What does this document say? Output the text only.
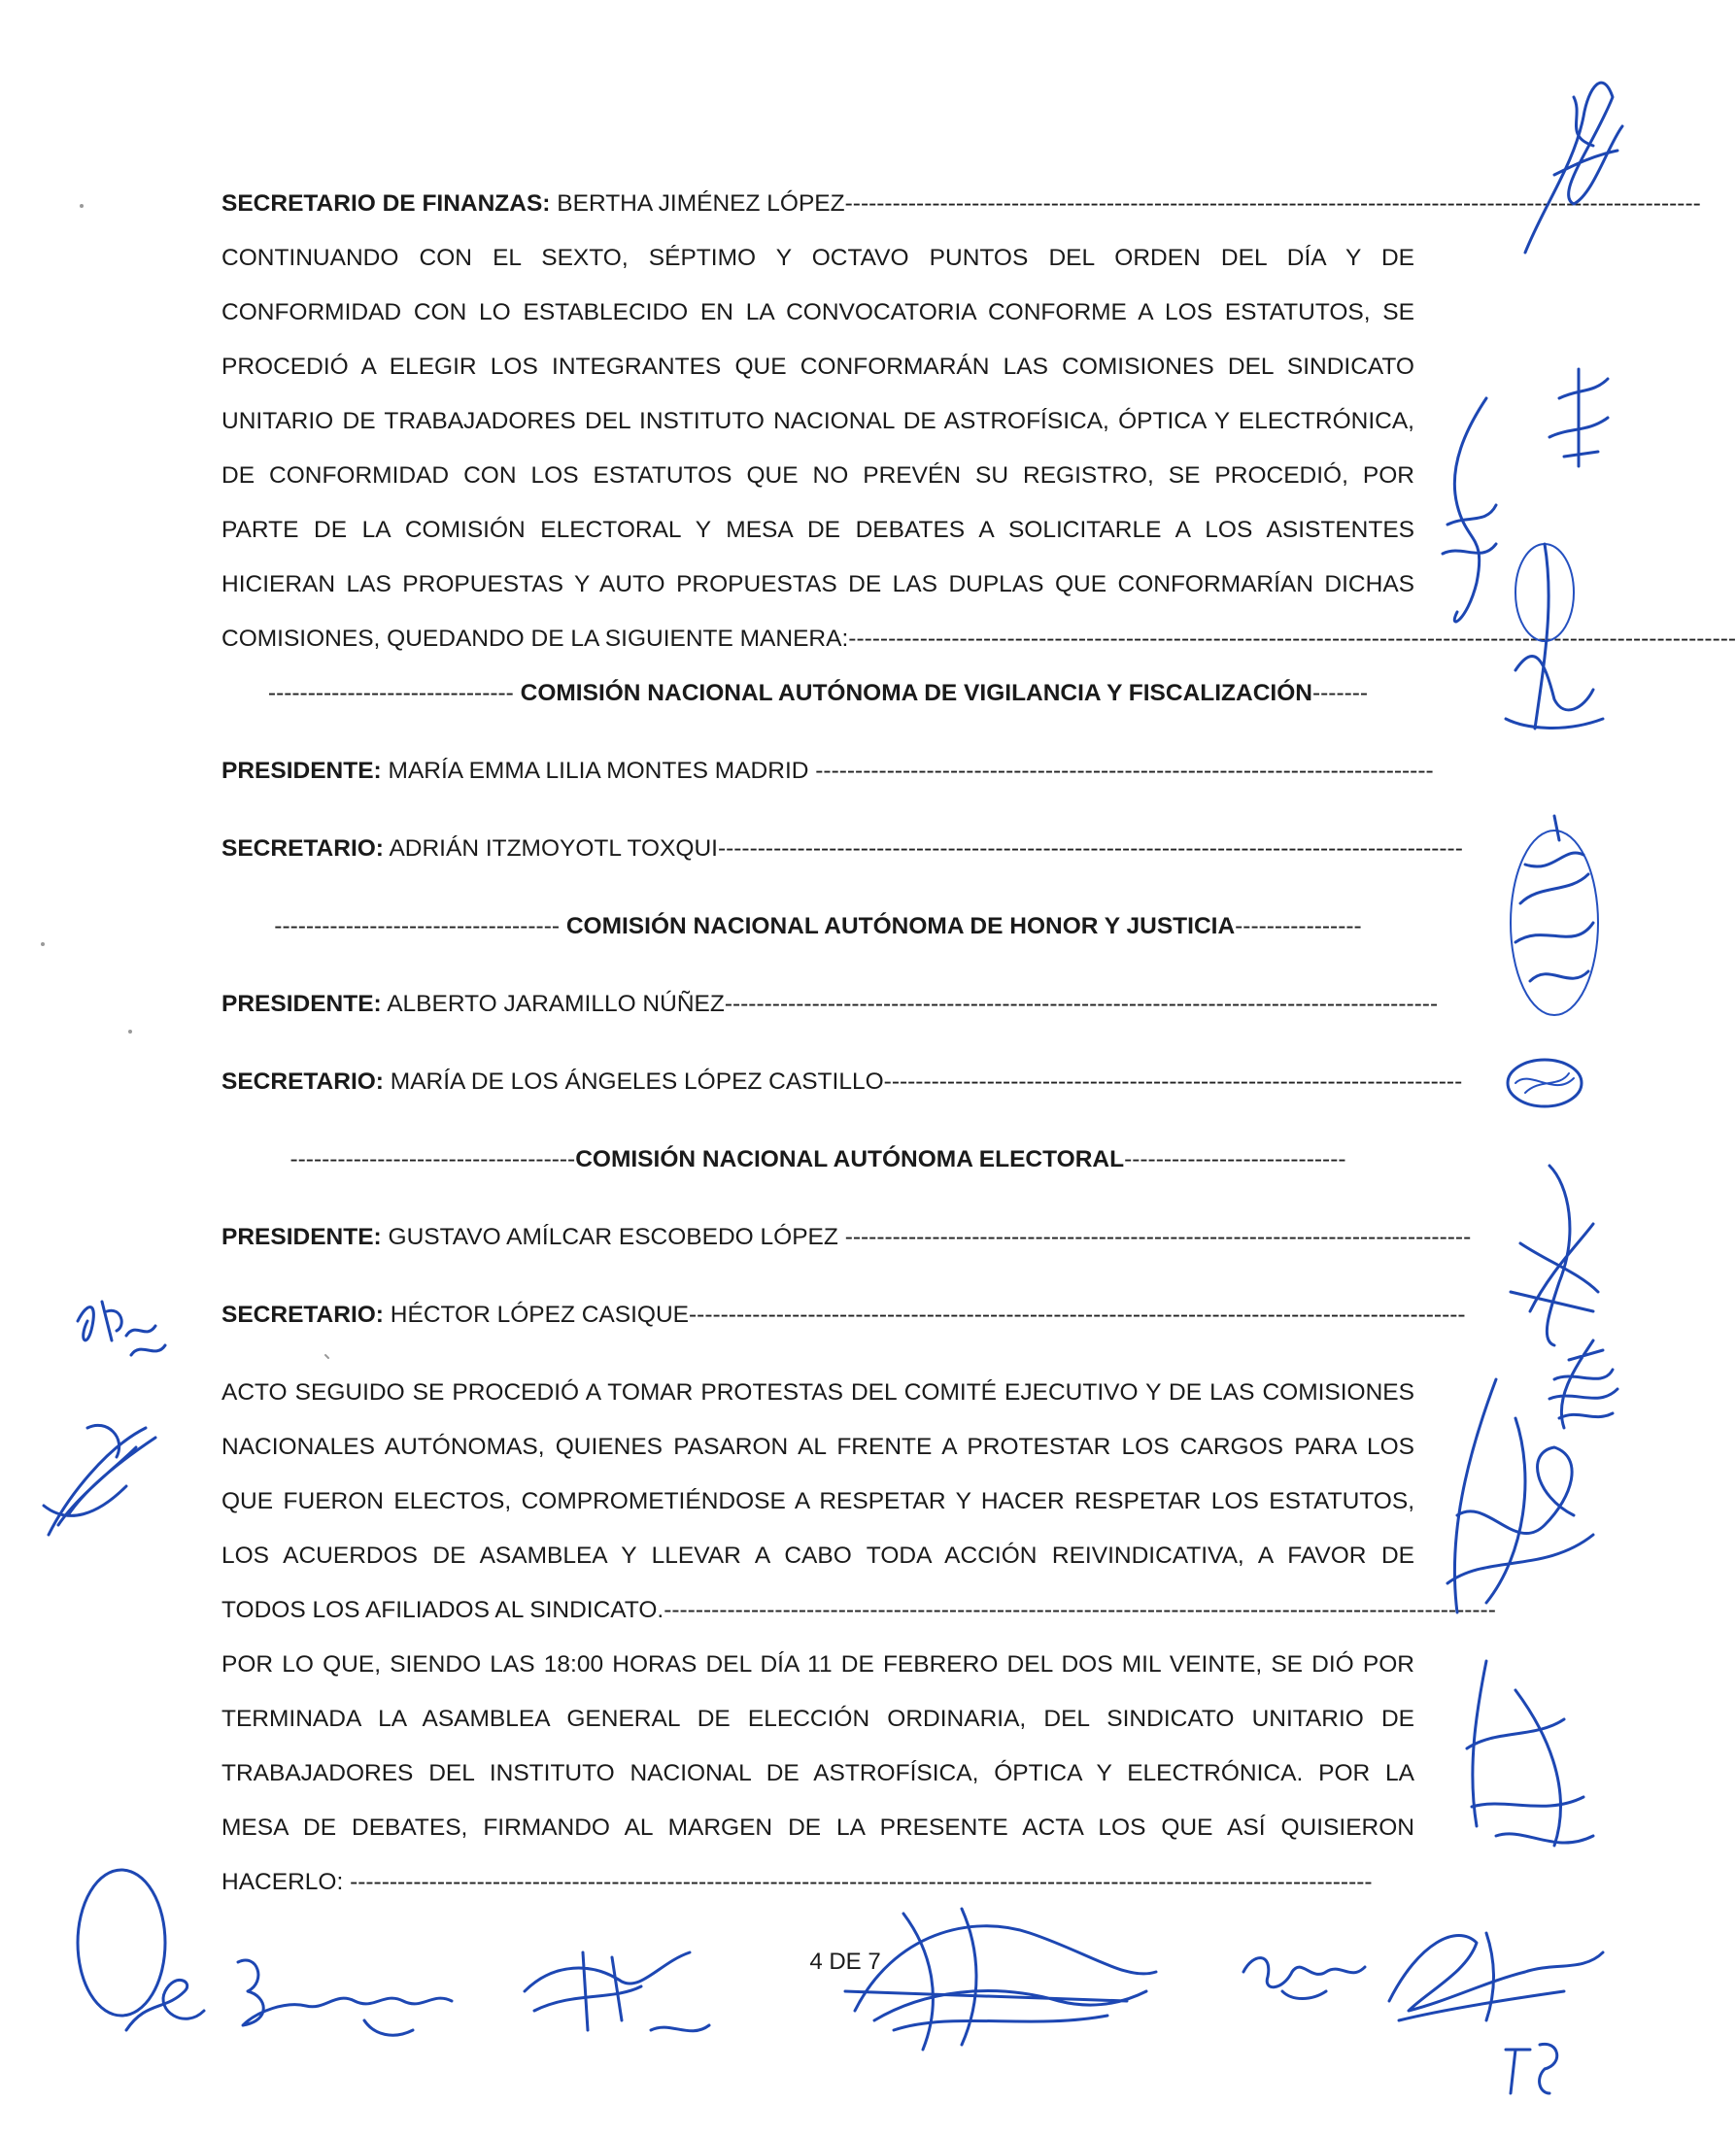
SECRETARIO DE FINANZAS: BERTHA JIMÉNEZ LÓPEZ------------------------------------------------------------------------------------------------------------
CONTINUANDO CON EL SEXTO, SÉPTIMO Y OCTAVO PUNTOS DEL ORDEN DEL DÍA Y DE
CONFORMIDAD CON LO ESTABLECIDO EN LA CONVOCATORIA CONFORME A LOS ESTATUTOS, SE
PROCEDIÓ A ELEGIR LOS INTEGRANTES QUE CONFORMARÁN LAS COMISIONES DEL SINDICATO
UNITARIO DE TRABAJADORES DEL INSTITUTO NACIONAL DE ASTROFÍSICA, ÓPTICA Y ELECTRÓNICA,
DE CONFORMIDAD CON LOS ESTATUTOS QUE NO PREVÉN SU REGISTRO, SE PROCEDIÓ, POR
PARTE DE LA COMISIÓN ELECTORAL Y MESA DE DEBATES A SOLICITARLE A LOS ASISTENTES
HICIERAN LAS PROPUESTAS Y AUTO PROPUESTAS DE LAS DUPLAS QUE CONFORMARÍAN DICHAS
COMISIONES, QUEDANDO DE LA SIGUIENTE MANERA:----------------------------------------------------------------------------------------------------------------
------------------------------- COMISIÓN NACIONAL AUTÓNOMA DE VIGILANCIA Y FISCALIZACIÓN-------
PRESIDENTE: MARÍA EMMA LILIA MONTES MADRID ------------------------------------------------------------------------------
SECRETARIO: ADRIÁN ITZMOYOTL TOXQUI----------------------------------------------------------------------------------------------
------------------------------------ COMISIÓN NACIONAL AUTÓNOMA DE HONOR Y JUSTICIA----------------
PRESIDENTE: ALBERTO JARAMILLO NÚÑEZ------------------------------------------------------------------------------------------
SECRETARIO: MARÍA DE LOS ÁNGELES LÓPEZ CASTILLO-------------------------------------------------------------------------
------------------------------------COMISIÓN NACIONAL AUTÓNOMA ELECTORAL----------------------------
PRESIDENTE: GUSTAVO AMÍLCAR ESCOBEDO LÓPEZ -------------------------------------------------------------------------------
SECRETARIO: HÉCTOR LÓPEZ CASIQUE--------------------------------------------------------------------------------------------------
ACTO SEGUIDO SE PROCEDIÓ A TOMAR PROTESTAS DEL COMITÉ EJECUTIVO Y DE LAS COMISIONES
NACIONALES AUTÓNOMAS, QUIENES PASARON AL FRENTE A PROTESTAR LOS CARGOS PARA LOS
QUE FUERON ELECTOS, COMPROMETIÉNDOSE A RESPETAR Y HACER RESPETAR LOS ESTATUTOS,
LOS ACUERDOS DE ASAMBLEA Y LLEVAR A CABO TODA ACCIÓN REIVINDICATIVA, A FAVOR DE
TODOS LOS AFILIADOS AL SINDICATO.---------------------------------------------------------------------------------------------------------
POR LO QUE, SIENDO LAS 18:00 HORAS DEL DÍA 11 DE FEBRERO DEL DOS MIL VEINTE, SE DIÓ POR
TERMINADA LA ASAMBLEA GENERAL DE ELECCIÓN ORDINARIA, DEL SINDICATO UNITARIO DE
TRABAJADORES DEL INSTITUTO NACIONAL DE ASTROFÍSICA, ÓPTICA Y ELECTRÓNICA. POR LA
MESA DE DEBATES, FIRMANDO AL MARGEN DE LA PRESENTE ACTA LOS QUE ASÍ QUISIERON
HACERLO: ---------------------------------------------------------------------------------------------------------------------------------
4 DE 7
